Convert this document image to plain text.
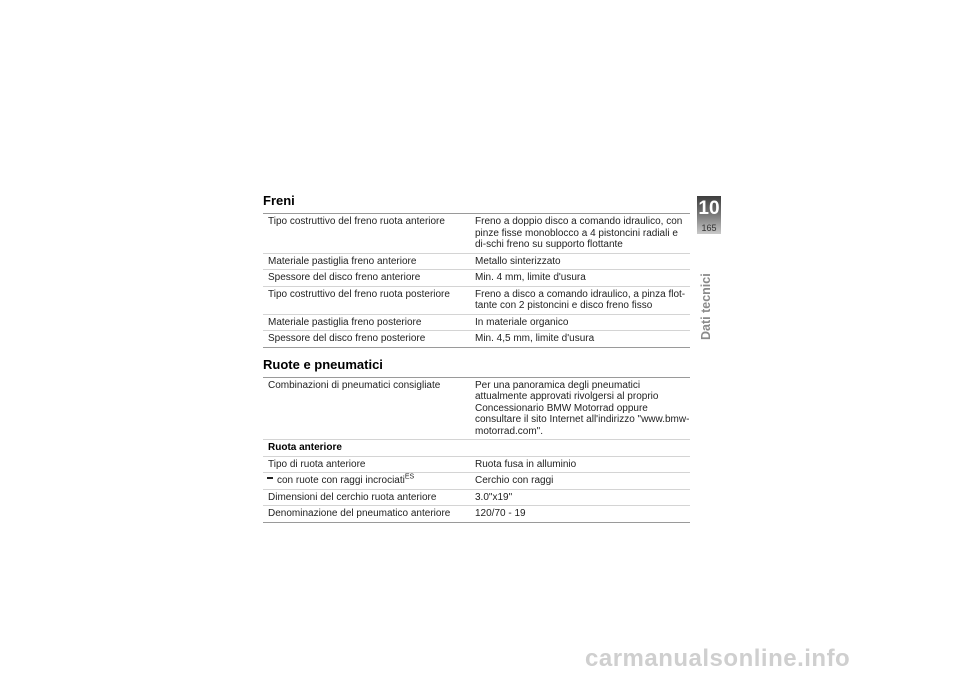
Freni
Tipo costruttivo del freno ruota anteriore	Freno a doppio disco a comando idraulico, con pinze fisse monoblocco a 4 pistoncini radiali e di-schi freno su supporto flottante
Materiale pastiglia freno anteriore	Metallo sinterizzato
Spessore del disco freno anteriore	Min. 4 mm, limite d'usura
Tipo costruttivo del freno ruota posteriore	Freno a disco a comando idraulico, a pinza flot-tante con 2 pistoncini e disco freno fisso
Materiale pastiglia freno posteriore	In materiale organico
Spessore del disco freno posteriore	Min. 4,5 mm, limite d'usura
Ruote e pneumatici
Combinazioni di pneumatici consigliate	Per una panoramica degli pneumatici attualmente approvati rivolgersi al proprio Concessionario BMW Motorrad oppure consultare il sito Internet all'indirizzo "www.bmw-motorrad.com".
Ruota anteriore
Tipo di ruota anteriore	Ruota fusa in alluminio
con ruote con raggi incrociati$^{ES}$	Cerchio con raggi
Dimensioni del cerchio ruota anteriore	3.0"x19"
Denominazione del pneumatico anteriore	120/70 - 19
10
165
Dati tecnici
carmanualsonline.info
